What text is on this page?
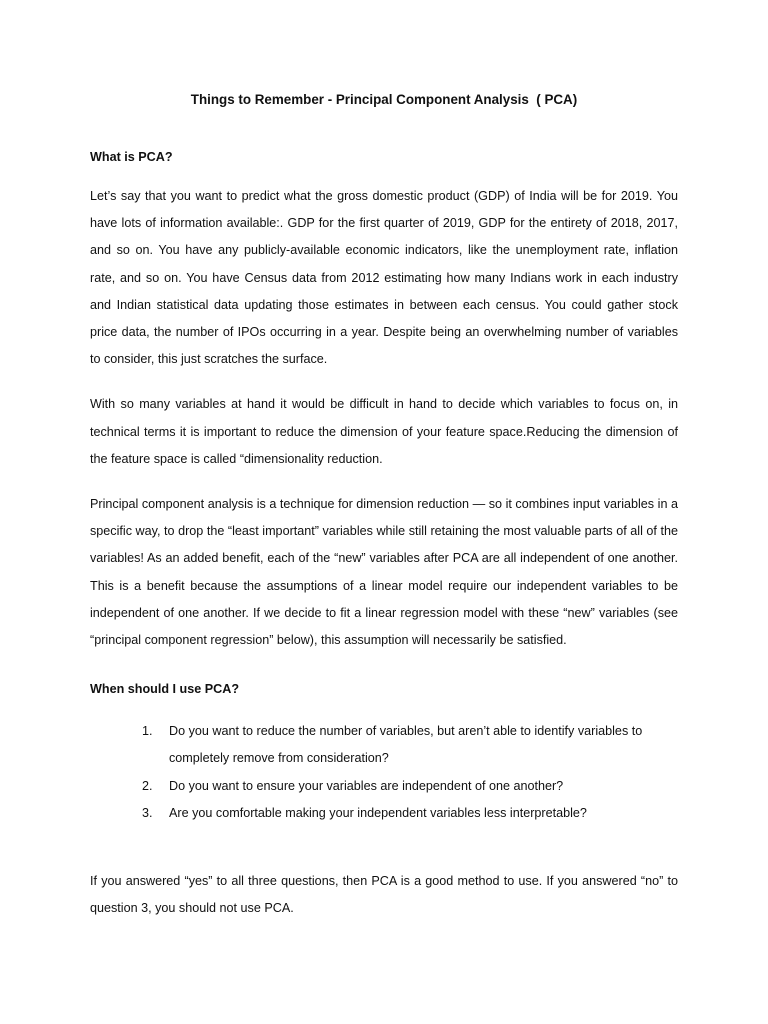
Things to Remember - Principal Component Analysis  ( PCA)

What is PCA?

Let’s say that you want to predict what the gross domestic product (GDP) of India will be for 2019. You have lots of information available:. GDP for the first quarter of 2019, GDP for the entirety of 2018, 2017, and so on. You have any publicly-available economic indicators, like the unemployment rate, inflation rate, and so on. You have Census data from 2012 estimating how many Indians work in each industry and Indian statistical data updating those estimates in between each census. You could gather stock price data, the number of IPOs occurring in a year. Despite being an overwhelming number of variables to consider, this just scratches the surface.

With so many variables at hand it would be difficult in hand to decide which variables to focus on, in technical terms it is important to reduce the dimension of your feature space.Reducing the dimension of the feature space is called “dimensionality reduction.

Principal component analysis is a technique for dimension reduction — so it combines input variables in a specific way, to drop the “least important” variables while still retaining the most valuable parts of all of the variables! As an added benefit, each of the “new” variables after PCA are all independent of one another. This is a benefit because the assumptions of a linear model require our independent variables to be independent of one another. If we decide to fit a linear regression model with these “new” variables (see “principal component regression” below), this assumption will necessarily be satisfied.

When should I use PCA?

1. Do you want to reduce the number of variables, but aren’t able to identify variables to completely remove from consideration?
2. Do you want to ensure your variables are independent of one another?
3. Are you comfortable making your independent variables less interpretable?

If you answered “yes” to all three questions, then PCA is a good method to use. If you answered “no” to question 3, you should not use PCA.
